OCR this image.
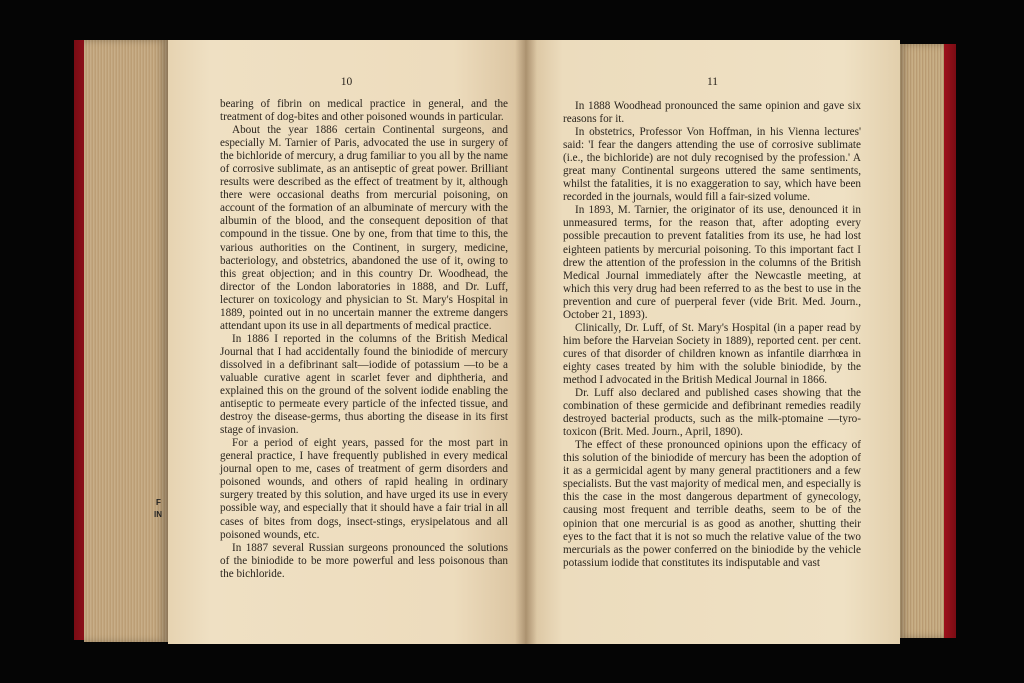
F
IN
10

bearing of fibrin on medical practice in general, and the treatment of dog-bites and other poisoned wounds in particular.

About the year 1886 certain Continental surgeons, and especially M. Tarnier of Paris, advocated the use in surgery of the bichloride of mercury, a drug familiar to you all by the name of corrosive sublimate, as an antiseptic of great power. Brilliant results were described as the effect of treatment by it, although there were occasional deaths from mercurial poisoning, on account of the formation of an albuminate of mercury with the albumin of the blood, and the consequent deposition of that compound in the tissue. One by one, from that time to this, the various authorities on the Continent, in surgery, medicine, bacteriology, and obstetrics, abandoned the use of it, owing to this great objection; and in this country Dr. Woodhead, the director of the London laboratories in 1888, and Dr. Luff, lecturer on toxicology and physician to St. Mary's Hospital in 1889, pointed out in no uncertain manner the extreme dangers attendant upon its use in all departments of medical practice.

In 1886 I reported in the columns of the British Medical Journal that I had accidentally found the biniodide of mercury dissolved in a defibrinant salt—iodide of potassium —to be a valuable curative agent in scarlet fever and diphtheria, and explained this on the ground of the solvent iodide enabling the antiseptic to permeate every particle of the infected tissue, and destroy the disease-germs, thus aborting the disease in its first stage of invasion.

For a period of eight years, passed for the most part in general practice, I have frequently published in every medical journal open to me, cases of treatment of germ disorders and poisoned wounds, and others of rapid healing in ordinary surgery treated by this solution, and have urged its use in every possible way, and especially that it should have a fair trial in all cases of bites from dogs, insect-stings, erysipelatous and all poisoned wounds, etc.

In 1887 several Russian surgeons pronounced the solutions of the biniodide to be more powerful and less poisonous than the bichloride.

11

In 1888 Woodhead pronounced the same opinion and gave six reasons for it.

In obstetrics, Professor Von Hoffman, in his Vienna lectures' said: 'I fear the dangers attending the use of corrosive sublimate (i.e., the bichloride) are not duly recognised by the profession.' A great many Continental surgeons uttered the same sentiments, whilst the fatalities, it is no exaggeration to say, which have been recorded in the journals, would fill a fair-sized volume.

In 1893, M. Tarnier, the originator of its use, denounced it in unmeasured terms, for the reason that, after adopting every possible precaution to prevent fatalities from its use, he had lost eighteen patients by mercurial poisoning. To this important fact I drew the attention of the profession in the columns of the British Medical Journal immediately after the Newcastle meeting, at which this very drug had been referred to as the best to use in the prevention and cure of puerperal fever (vide Brit. Med. Journ., October 21, 1893).

Clinically, Dr. Luff, of St. Mary's Hospital (in a paper read by him before the Harveian Society in 1889), reported cent. per cent. cures of that disorder of children known as infantile diarrhœa in eighty cases treated by him with the soluble biniodide, by the method I advocated in the British Medical Journal in 1866.

Dr. Luff also declared and published cases showing that the combination of these germicide and defibrinant remedies readily destroyed bacterial products, such as the milk-ptomaine —tyro-toxicon (Brit. Med. Journ., April, 1890).

The effect of these pronounced opinions upon the efficacy of this solution of the biniodide of mercury has been the adoption of it as a germicidal agent by many general practitioners and a few specialists. But the vast majority of medical men, and especially is this the case in the most dangerous department of gynecology, causing most frequent and terrible deaths, seem to be of the opinion that one mercurial is as good as another, shutting their eyes to the fact that it is not so much the relative value of the two mercurials as the power conferred on the biniodide by the vehicle potassium iodide that constitutes its indisputable and vast
